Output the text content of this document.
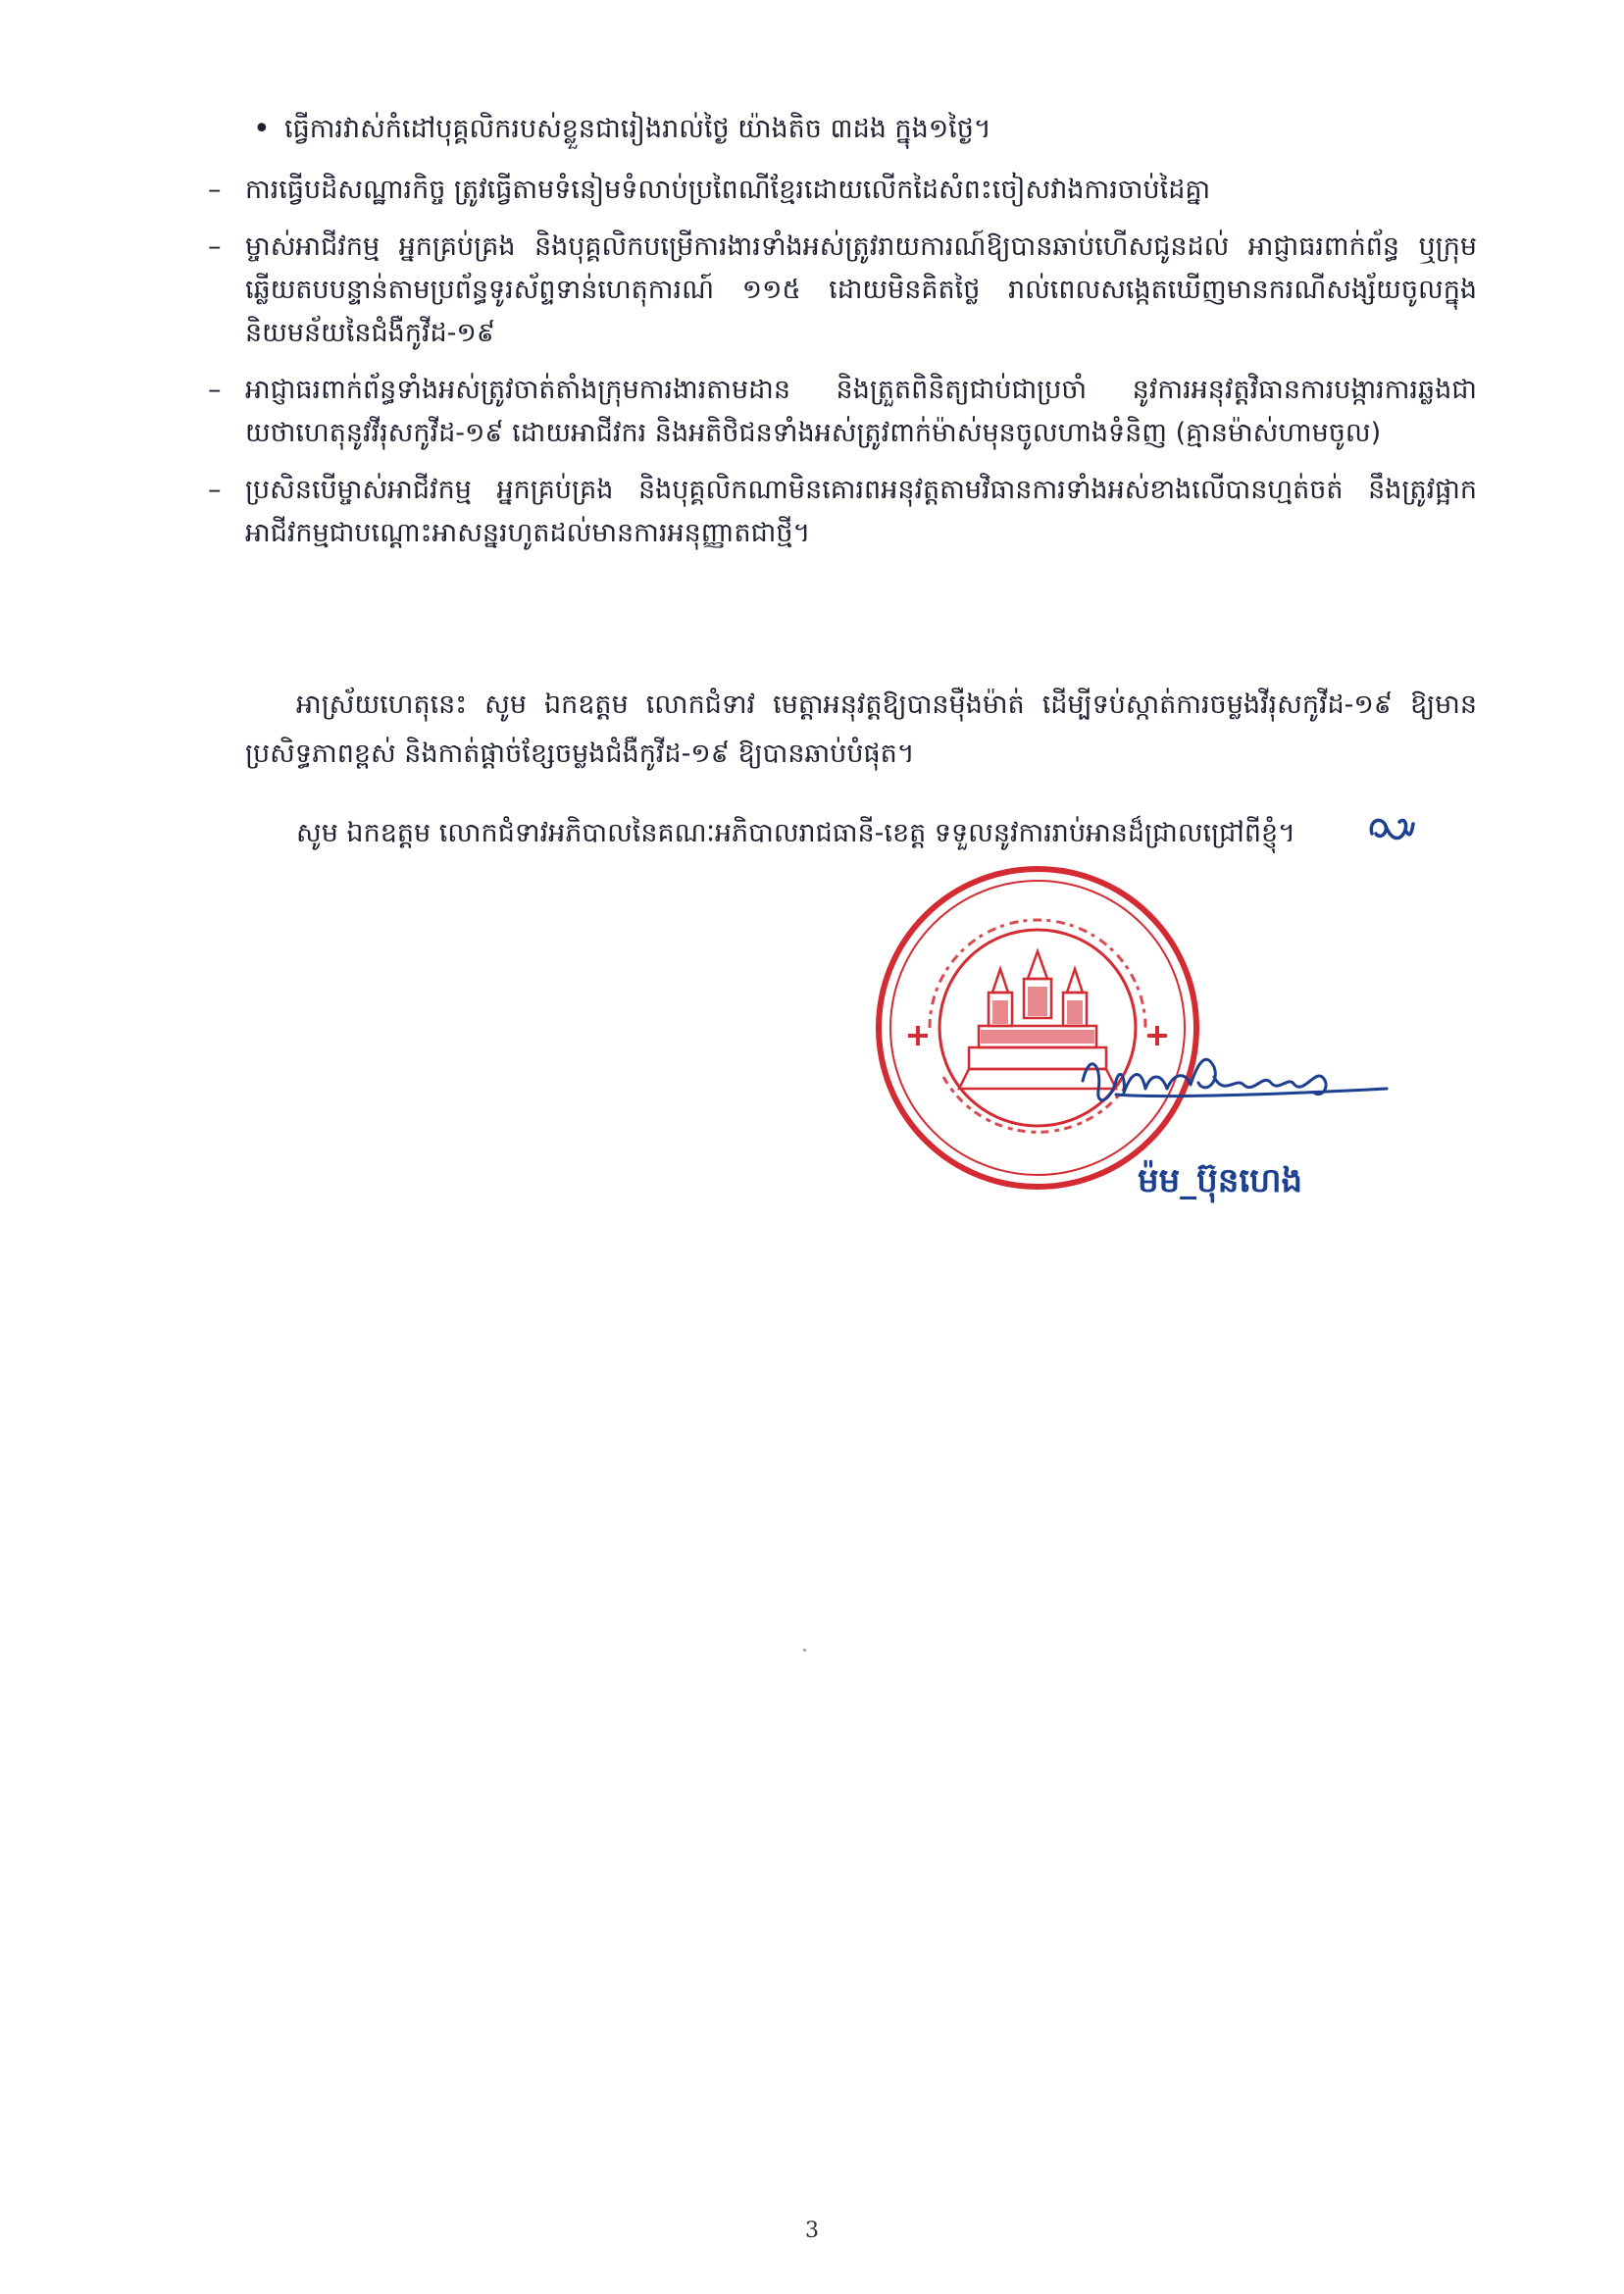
• ធ្វើការវាស់កំដៅបុគ្គលិករបស់ខ្លួនជារៀងរាល់ថ្ងៃ យ៉ាងតិច ៣ដង ក្នុង១ថ្ងៃ។
– ការធ្វើបដិសណ្ឋារកិច្ច ត្រូវធ្វើតាមទំនៀមទំលាប់ប្រពៃណីខ្មែរដោយលើកដៃសំពះចៀសវាងការចាប់ដៃគ្នា
– ម្ចាស់អាជីវកម្ម អ្នកគ្រប់គ្រង និងបុគ្គលិកបម្រើការងារទាំងអស់ត្រូវរាយការណ៍ឱ្យបានឆាប់ហើសជូនដល់ អាជ្ញាធរពាក់ព័ន្ធ ឬក្រុមឆ្លើយតបបន្ទាន់តាមប្រព័ន្ធទូរស័ព្ទទាន់ហេតុការណ៍ ១១៥ ដោយមិនគិតថ្លៃ រាល់ពេលសង្កេតឃើញមានករណីសង្ស័យចូលក្នុងនិយមន័យនៃជំងឺកូវីដ-១៩
– អាជ្ញាធរពាក់ព័ន្ធទាំងអស់ត្រូវចាត់តាំងក្រុមការងារតាមដាន និងត្រួតពិនិត្យជាប់ជាប្រចាំ នូវការអនុវត្តវិធានការបង្ការការឆ្លងជាយថាហេតុនូវវីរុសកូវីដ-១៩ ដោយអាជីវករ និងអតិថិជនទាំងអស់ត្រូវពាក់ម៉ាស់មុនចូលហាងទំនិញ (គ្មានម៉ាស់ហាមចូល)
– ប្រសិនបើម្ចាស់អាជីវកម្ម អ្នកគ្រប់គ្រង និងបុគ្គលិកណាមិនគោរពអនុវត្តតាមវិធានការទាំងអស់ខាងលើបានហ្មត់ចត់ នឹងត្រូវផ្អាកអាជីវកម្មជាបណ្តោះអាសន្នរហូតដល់មានការអនុញ្ញាតជាថ្មី។

អាស្រ័យហេតុនេះ សូម ឯកឧត្តម លោកជំទាវ មេត្តាអនុវត្តឱ្យបានម៉ឺងម៉ាត់ ដើម្បីទប់ស្កាត់ការចម្លងវីរុសកូវីដ-១៩ ឱ្យមានប្រសិទ្ធភាពខ្ពស់ និងកាត់ផ្តាច់ខ្សែចម្លងជំងឺកូវីដ-១៩ ឱ្យបានឆាប់បំផុត។

សូម ឯកឧត្តម លោកជំទាវអភិបាលនៃគណៈអភិបាលរាជធានី-ខេត្ត ទទួលនូវការរាប់អានដ៏ជ្រាលជ្រៅពីខ្ញុំ។

ម៉ម_ប៊ុនហេង
3
